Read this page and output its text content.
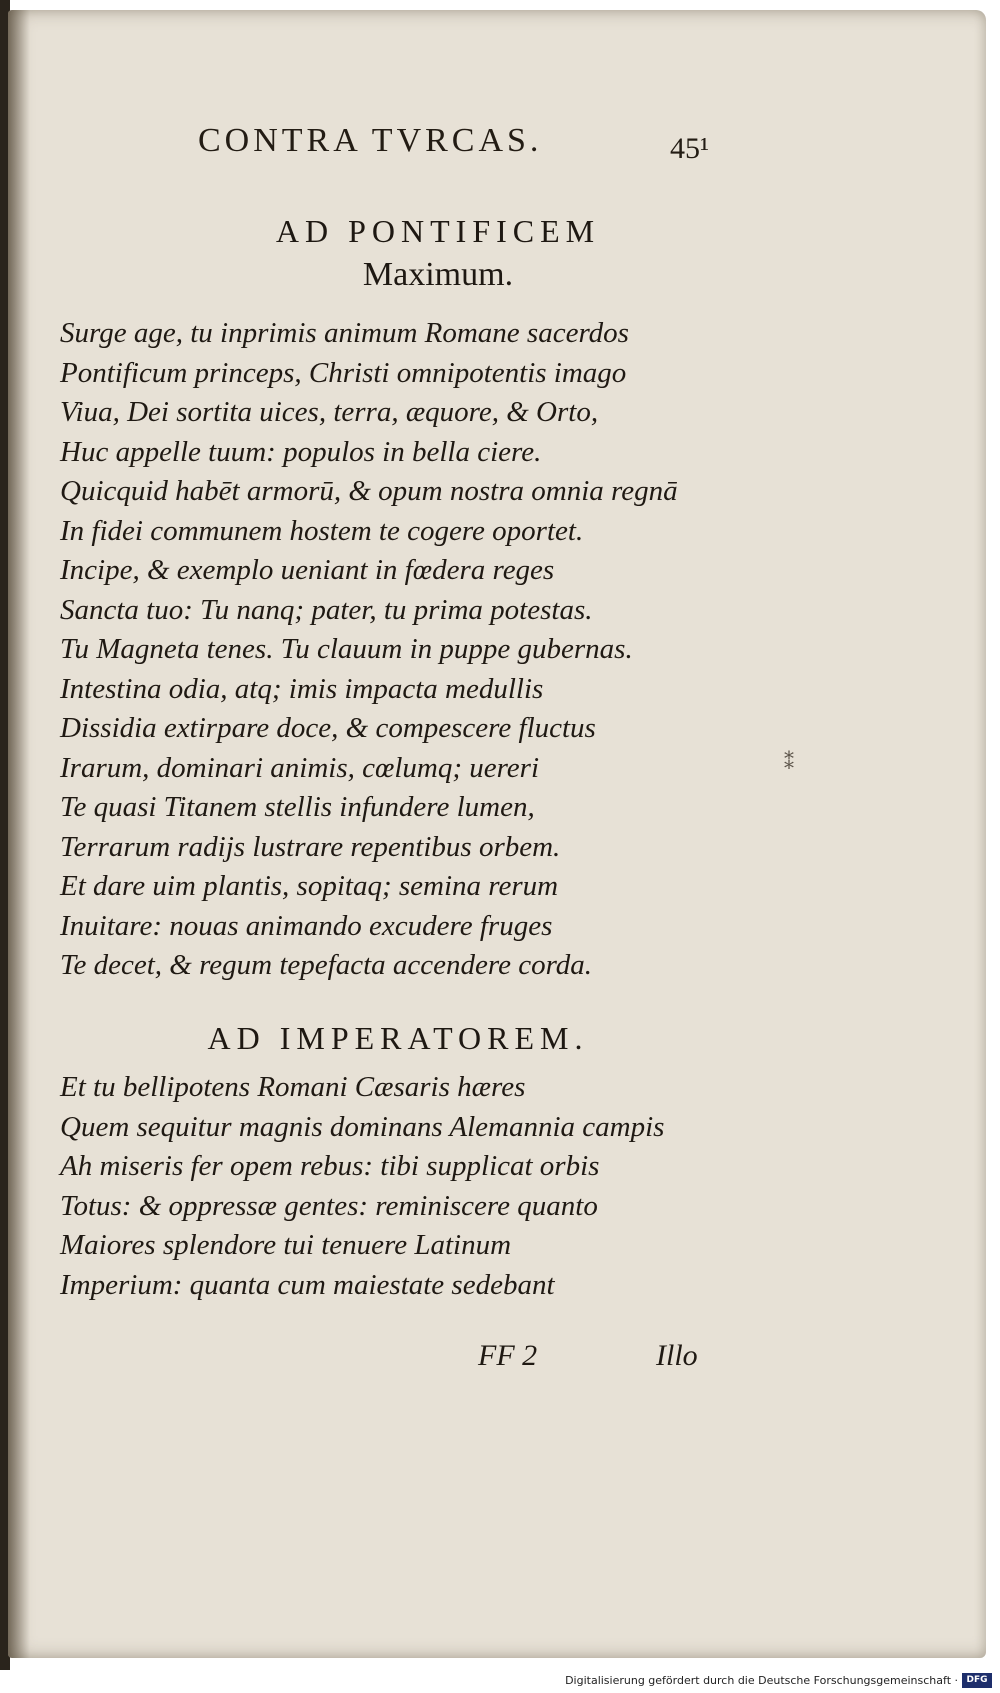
CONTRA TVRCAS.	45¹
AD PONTIFICEM
Maximum.
Surge age, tu inprimis animum Romane sacerdos
Pontificum princeps, Christi omnipotentis imago
Viua, Dei sortita uices, terra, æquore, & Orto,
Huc appelle tuum: populos in bella ciere.
Quicquid habēt armorū, & opum nostra omnia regnā
In fidei communem hostem te cogere oportet.
Incipe, & exemplo ueniant in fœdera reges
Sancta tuo: Tu nanq; pater, tu prima potestas.
Tu Magneta tenes. Tu clauum in puppe gubernas.
Intestina odia, atq; imis impacta medullis
Dissidia extirpare doce, & compescere fluctus
Irarum, dominari animis, cœlumq; uereri
Te quasi Titanem stellis infundere lumen,
Terrarum radijs lustrare repentibus orbem.
Et dare uim plantis, sopitaq; semina rerum
Inuitare: nouas animando excudere fruges
Te decet, & regum tepefacta accendere corda.
⁑
AD IMPERATOREM.
Et tu bellipotens Romani Cæsaris hæres
Quem sequitur magnis dominans Alemannia campis
Ah miseris fer opem rebus: tibi supplicat orbis
Totus: & oppressæ gentes: reminiscere quanto
Maiores splendore tui tenuere Latinum
Imperium: quanta cum maiestate sedebant
FF 2	Illo
Digitalisierung gefördert durch die Deutsche Forschungsgemeinschaft · DFG
